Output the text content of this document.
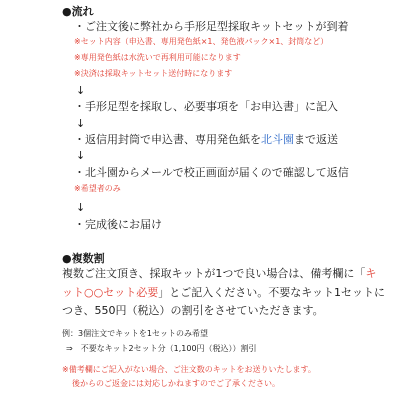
●流れ
・ご注文後に弊社から手形足型採取キットセットが到着
※セット内容（申込書、専用発色紙×1、発色液パック×1、封筒など）
※専用発色紙は水洗いで再利用可能になります
※決済は採取キットセット送付時になります
↓
・手形足型を採取し、必要事項を「お申込書」に記入
↓
・返信用封筒で申込書、専用発色紙を北斗園まで返送
↓
・北斗園からメールで校正画面が届くので確認して返信
※希望者のみ
↓
・完成後にお届け
●複数割
複数ご注文頂き、採取キットが1つで良い場合は、備考欄に「キ
ット○○セット必要」とご記入ください。不要なキット1セットに
つき、550円（税込）の割引をさせていただきます。
例：3個注文でキットを1セットのみ希望
⇒　不要なキット2セット分（1,100円（税込））割引
※備考欄にご記入がない場合、ご注文数のキットをお送りいたします。
後からのご返金には対応しかねますのでご了承ください。
